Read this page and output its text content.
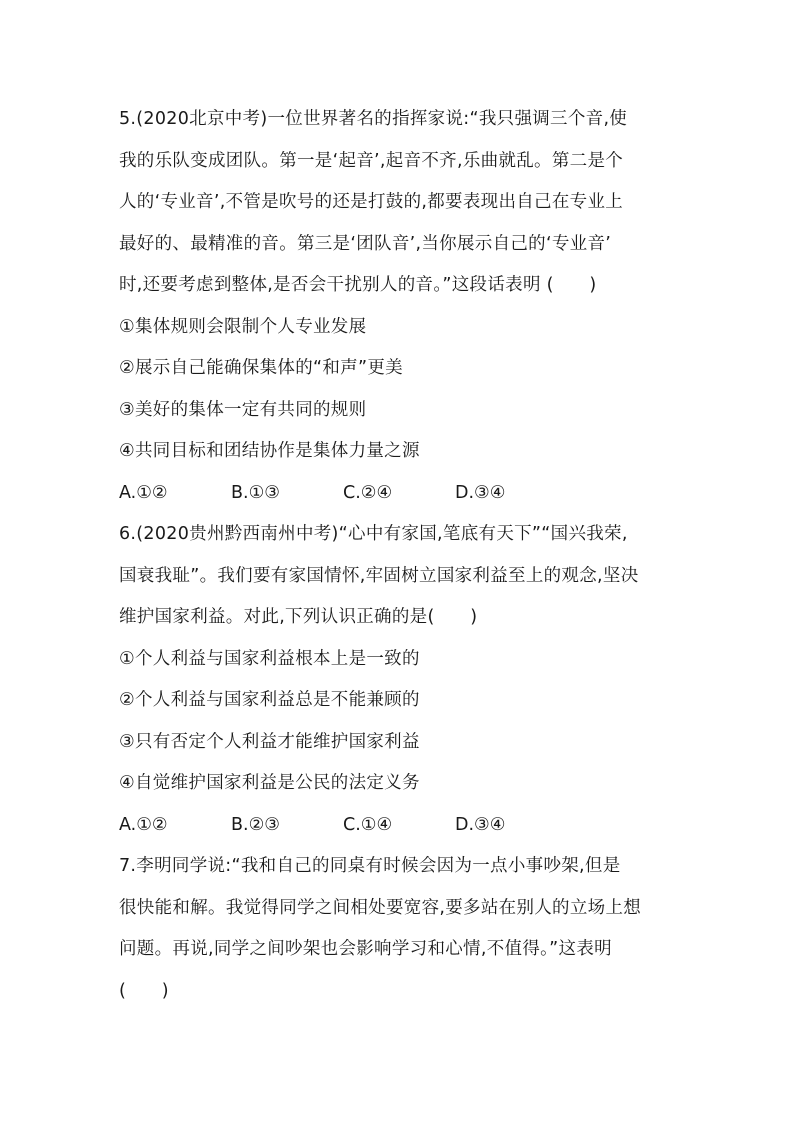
5.(2020北京中考)一位世界著名的指挥家说:“我只强调三个音,使
我的乐队变成团队。第一是‘起音’,起音不齐,乐曲就乱。第二是个
人的‘专业音’,不管是吹号的还是打鼓的,都要表现出自己在专业上
最好的、最精准的音。第三是‘团队音’,当你展示自己的‘专业音’
时,还要考虑到整体,是否会干扰别人的音。”这段话表明 (　　)
①集体规则会限制个人专业发展
②展示自己能确保集体的“和声”更美
③美好的集体一定有共同的规则
④共同目标和团结协作是集体力量之源
A.①②	B.①③	C.②④	D.③④
6.(2020贵州黔西南州中考)“心中有家国,笔底有天下”“国兴我荣,
国衰我耻”。我们要有家国情怀,牢固树立国家利益至上的观念,坚决
维护国家利益。对此,下列认识正确的是(　　)
①个人利益与国家利益根本上是一致的
②个人利益与国家利益总是不能兼顾的
③只有否定个人利益才能维护国家利益
④自觉维护国家利益是公民的法定义务
A.①②	B.②③	C.①④	D.③④
7.李明同学说:“我和自己的同桌有时候会因为一点小事吵架,但是
很快能和解。我觉得同学之间相处要宽容,要多站在别人的立场上想
问题。再说,同学之间吵架也会影响学习和心情,不值得。”这表明
(　　)
